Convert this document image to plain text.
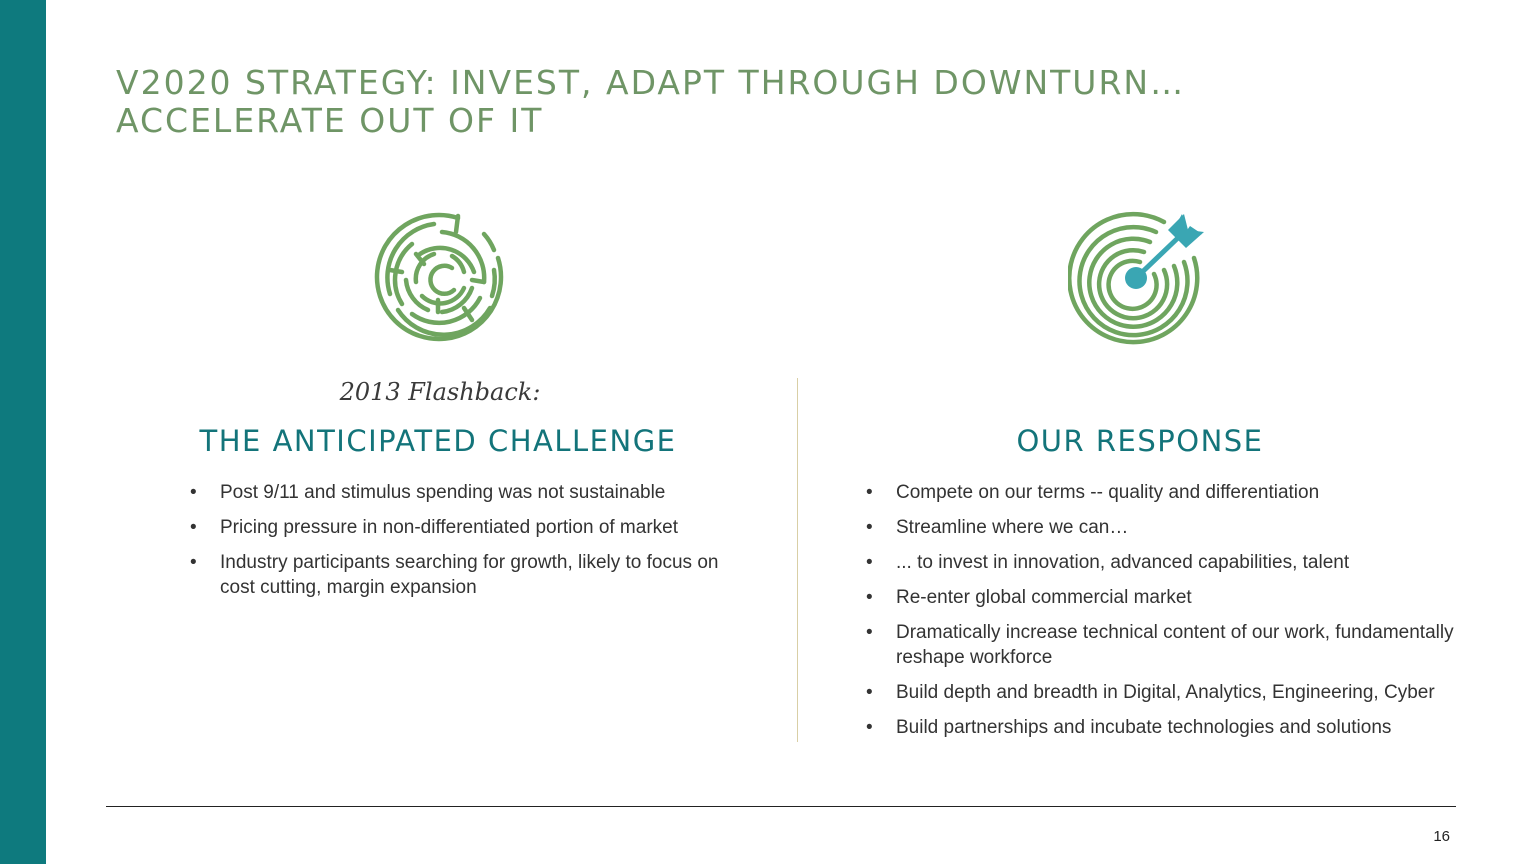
V2020 STRATEGY: INVEST, ADAPT THROUGH DOWNTURN…
ACCELERATE OUT OF IT
2013 Flashback:
THE ANTICIPATED CHALLENGE	OUR RESPONSE
• Post 9/11 and stimulus spending was not sustainable
• Pricing pressure in non-differentiated portion of market
• Industry participants searching for growth, likely to focus on cost cutting, margin expansion
• Compete on our terms -- quality and differentiation
• Streamline where we can…
• ... to invest in innovation, advanced capabilities, talent
• Re-enter global commercial market
• Dramatically increase technical content of our work, fundamentally reshape workforce
• Build depth and breadth in Digital, Analytics, Engineering, Cyber
• Build partnerships and incubate technologies and solutions
16
